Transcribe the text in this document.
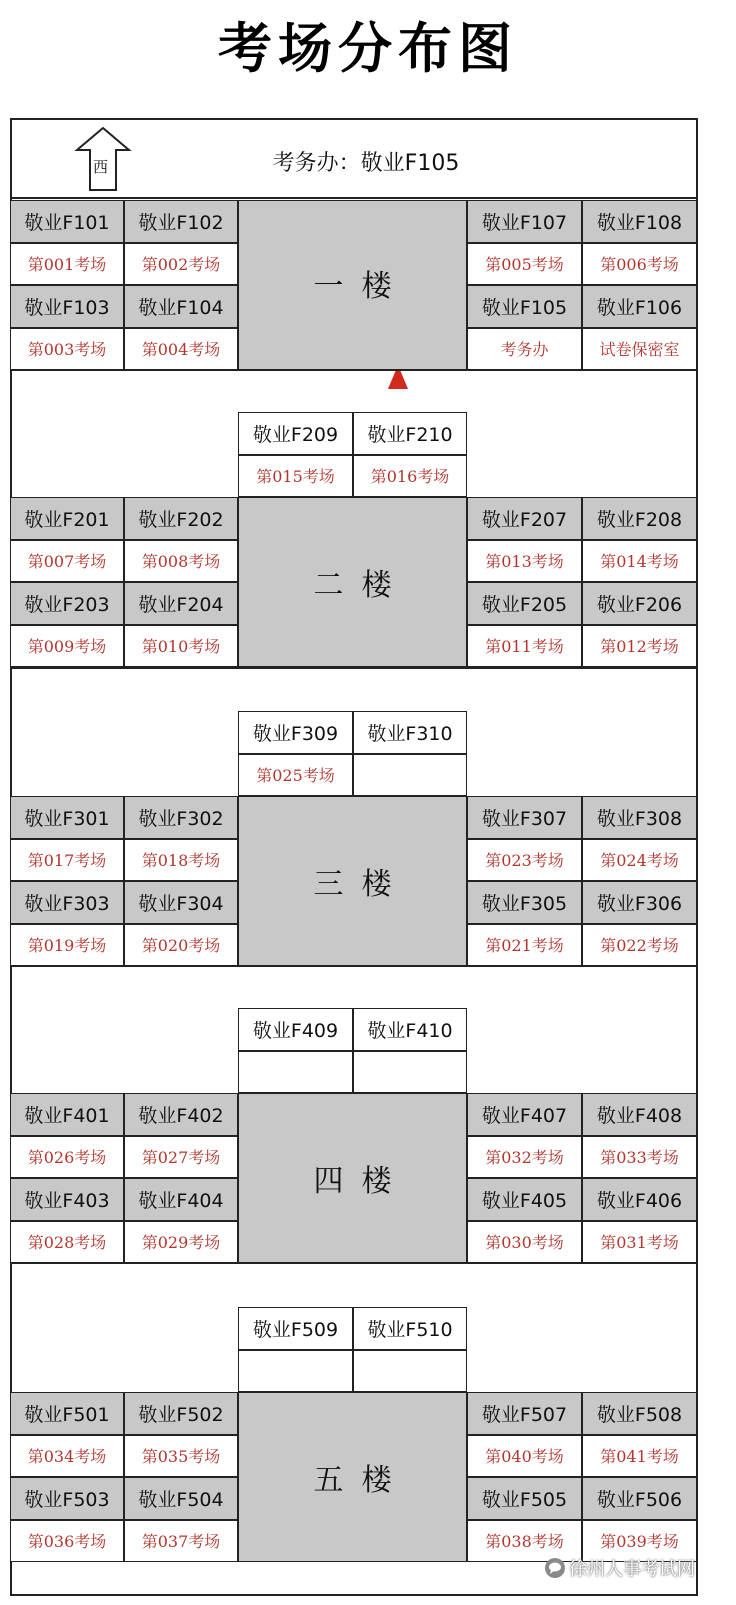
考场分布图
西	考务办：敬业F105
敬业F101
第001考场
敬业F102
第002考场
敬业F103
第003考场
敬业F104
第004考场
敬业F107
第005考场
敬业F108
第006考场
敬业F105
考务办
敬业F106
试卷保密室
一楼
敬业F201
第007考场
敬业F202
第008考场
敬业F203
第009考场
敬业F204
第010考场
敬业F207
第013考场
敬业F208
第014考场
敬业F205
第011考场
敬业F206
第012考场
二楼
敬业F209
第015考场
敬业F210
第016考场
敬业F301
第017考场
敬业F302
第018考场
敬业F303
第019考场
敬业F304
第020考场
敬业F307
第023考场
敬业F308
第024考场
敬业F305
第021考场
敬业F306
第022考场
三楼
敬业F309
第025考场
敬业F310
敬业F401
第026考场
敬业F402
第027考场
敬业F403
第028考场
敬业F404
第029考场
敬业F407
第032考场
敬业F408
第033考场
敬业F405
第030考场
敬业F406
第031考场
四楼
敬业F409 敬业F410
敬业F501
第034考场
敬业F502
第035考场
敬业F503
第036考场
敬业F504
第037考场
敬业F507
第040考场
敬业F508
第041考场
敬业F505
第038考场
敬业F506
第039考场
五楼
敬业F509 敬业F510
徐州人事考试网
